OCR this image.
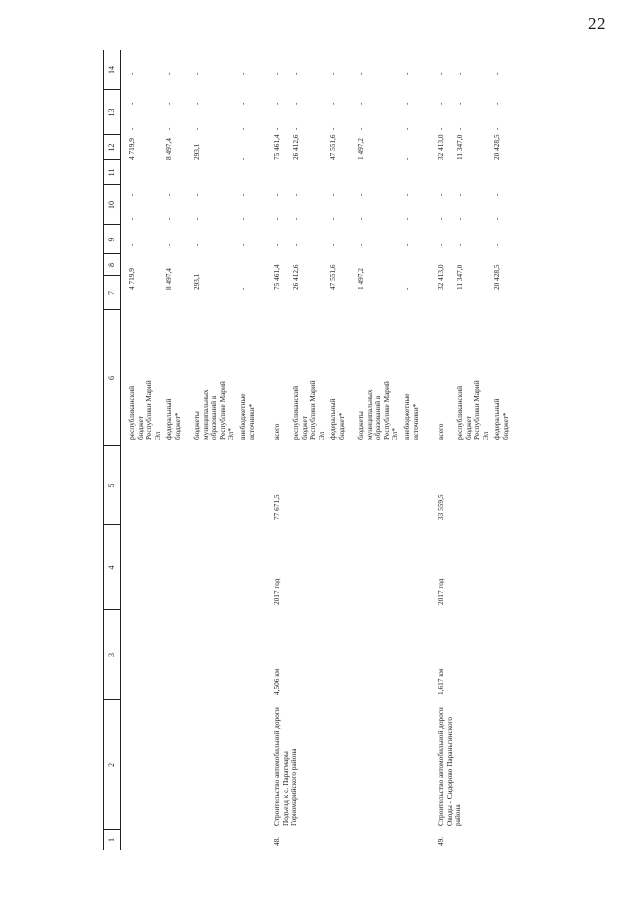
22
1
2
3
4
5
6
7
8
9
10
11
12
13
14
республиканский бюджет Республики Марий Эл
4 719,9
-
-
-
4 719,9
-
-
-
федеральный бюджет*
8 497,4
-
-
-
8 497,4
-
-
-
бюджеты муниципальных образований в Республике Марий Эл*
293,1
-
-
-
293,1
-
-
-
внебюджетные источники*
-
-
-
-
-
-
-
-
48.
Строительство автомобильной дороги Подъезд к с. Паратмары Горномарийского района
4,506 км
2017 год
77 671,5
всего
75 461,4
-
-
-
75 461,4
-
-
-
республиканский бюджет Республики Марий Эл
26 412,6
-
-
-
26 412,6
-
-
-
федеральный бюджет*
47 551,6
-
-
-
47 551,6
-
-
-
бюджеты муниципальных образований в Республике Марий Эл*
1 497,2
-
-
-
1 497,2
-
-
-
внебюджетные источники*
-
-
-
-
-
-
-
-
49.
Строительство автомобильной дороги Оводы - Сидорово Параньгинского района
1,617 км
2017 год
33 559,5
всего
32 413,0
-
-
-
32 413,0
-
-
-
республиканский бюджет Республики Марий Эл
11 347,0
-
-
-
11 347,0
-
-
-
федеральный бюджет*
20 428,5
-
-
-
20 428,5
-
-
-
